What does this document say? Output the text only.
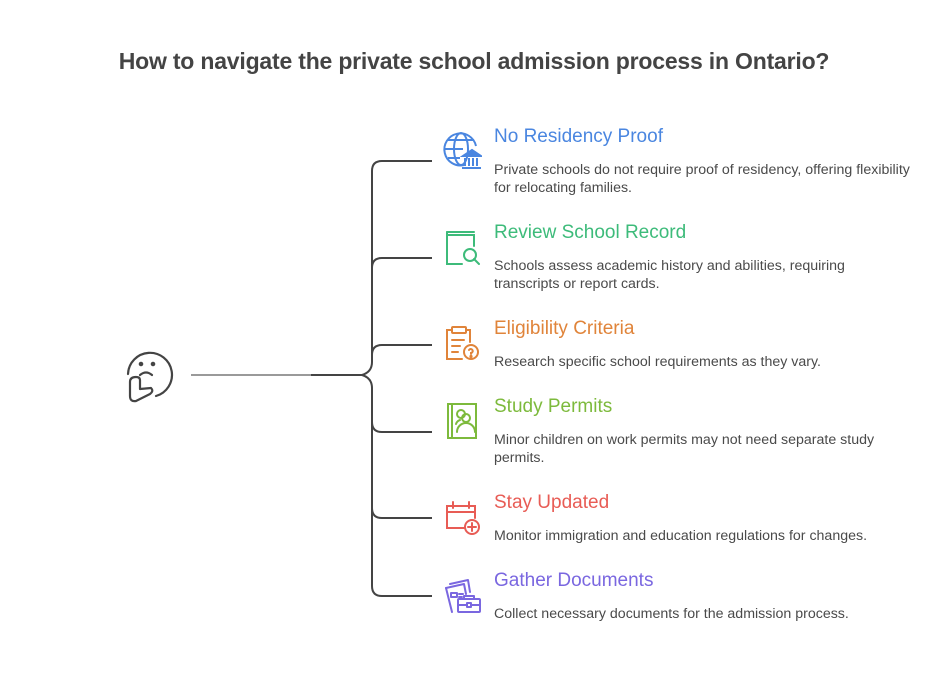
How to navigate the private school admission process in Ontario?
No Residency Proof
Private schools do not require proof of residency, offering flexibility for relocating families.
Review School Record
Schools assess academic history and abilities, requiring transcripts or report cards.
Eligibility Criteria
Research specific school requirements as they vary.
Study Permits
Minor children on work permits may not need separate study permits.
Stay Updated
Monitor immigration and education regulations for changes.
Gather Documents
Collect necessary documents for the admission process.
